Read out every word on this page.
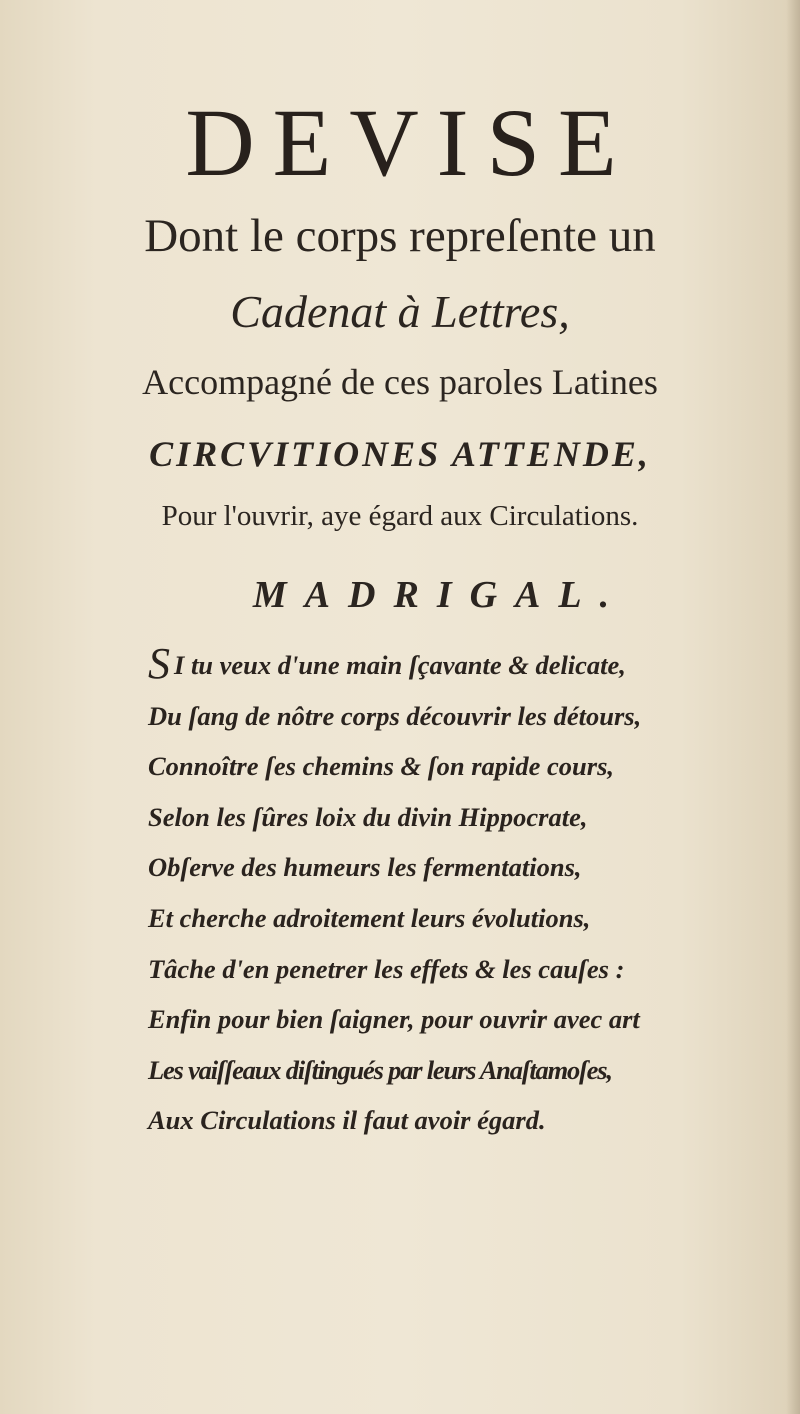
DEVISE
Dont le corps repreſente un
Cadenat à Lettres,
Accompagné de ces paroles Latines
CIRCVITIONES ATTENDE,
Pour l'ouvrir, aye égard aux Circulations.
MADRIGAL.
S I tu veux d'une main ſçavante & delicate,
Du ſang de nôtre corps découvrir les détours,
Connoître ſes chemins & ſon rapide cours,
Selon les ſûres loix du divin Hippocrate,
Obſerve des humeurs les fermentations,
Et cherche adroitement leurs évolutions,
Tâche d'en penetrer les effets & les cauſes :
Enfin pour bien ſaigner, pour ouvrir avec art
Les vaiſſeaux diſtingués par leurs Anaſtamoſes,
Aux Circulations il faut avoir égard.
